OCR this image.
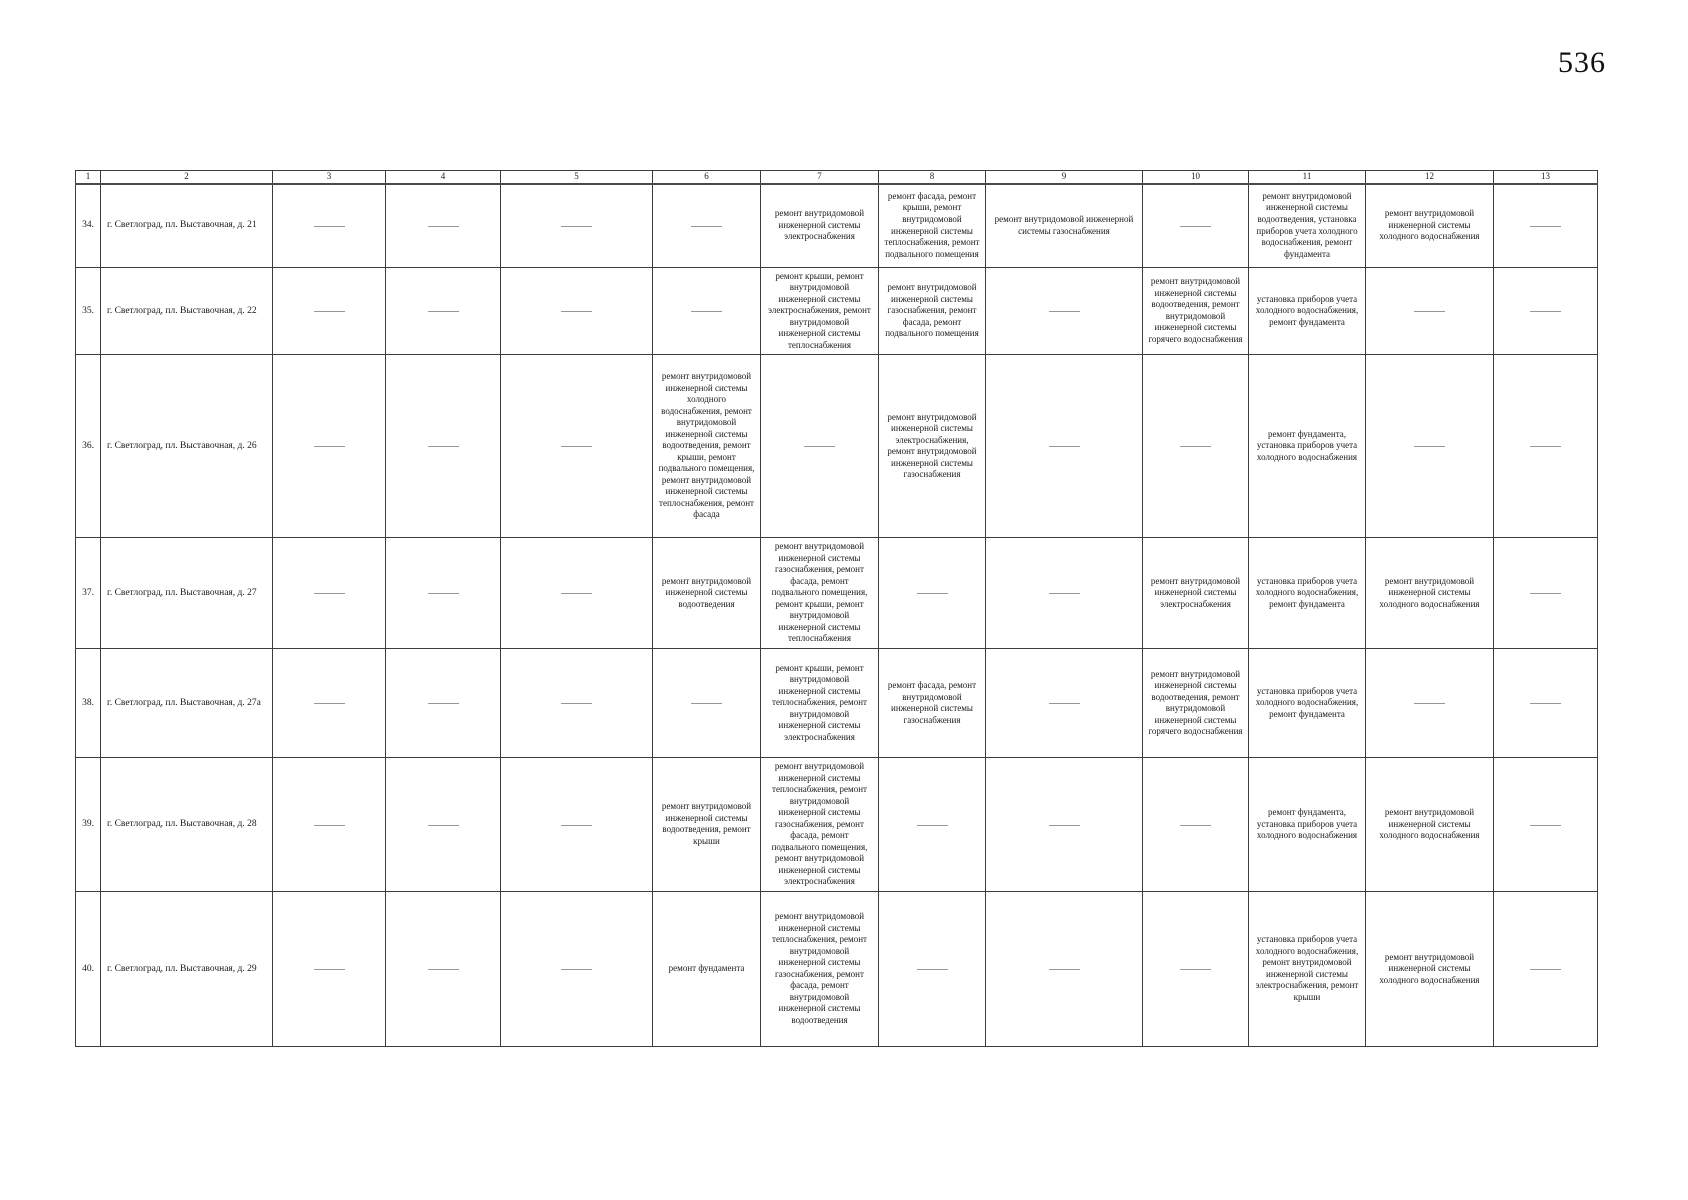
536
1	2	3	4	5	6	7	8	9	10	11	12	13
34.	г. Светлоград, пл. Выставочная, д. 21	—	—	—	—	ремонт внутридомовой инженерной системы электроснабжения	ремонт фасада, ремонт крыши, ремонт внутридомовой инженерной системы теплоснабжения, ремонт подвального помещения	ремонт внутридомовой инженерной системы газоснабжения	—	ремонт внутридомовой инженерной системы водоотведения, установка приборов учета холодного водоснабжения, ремонт фундамента	ремонт внутридомовой инженерной системы холодного водоснабжения	—
35.	г. Светлоград, пл. Выставочная, д. 22	—	—	—	—	ремонт крыши, ремонт внутридомовой инженерной системы электроснабжения, ремонт внутридомовой инженерной системы теплоснабжения	ремонт внутридомовой инженерной системы газоснабжения, ремонт фасада, ремонт подвального помещения	—	ремонт внутридомовой инженерной системы водоотведения, ремонт внутридомовой инженерной системы горячего водоснабжения	установка приборов учета холодного водоснабжения, ремонт фундамента	—	—
36.	г. Светлоград, пл. Выставочная, д. 26	—	—	—	ремонт внутридомовой инженерной системы холодного водоснабжения, ремонт внутридомовой инженерной системы водоотведения, ремонт крыши, ремонт подвального помещения, ремонт внутридомовой инженерной системы теплоснабжения, ремонт фасада	—	ремонт внутридомовой инженерной системы электроснабжения, ремонт внутридомовой инженерной системы газоснабжения	—	—	ремонт фундамента, установка приборов учета холодного водоснабжения	—	—
37.	г. Светлоград, пл. Выставочная, д. 27	—	—	—	ремонт внутридомовой инженерной системы водоотведения	ремонт внутридомовой инженерной системы газоснабжения, ремонт фасада, ремонт подвального помещения, ремонт крыши, ремонт внутридомовой инженерной системы теплоснабжения	—	—	ремонт внутридомовой инженерной системы электроснабжения	установка приборов учета холодного водоснабжения, ремонт фундамента	ремонт внутридомовой инженерной системы холодного водоснабжения	—
38.	г. Светлоград, пл. Выставочная, д. 27а	—	—	—	—	ремонт крыши, ремонт внутридомовой инженерной системы теплоснабжения, ремонт внутридомовой инженерной системы электроснабжения	ремонт фасада, ремонт внутридомовой инженерной системы газоснабжения	—	ремонт внутридомовой инженерной системы водоотведения, ремонт внутридомовой инженерной системы горячего водоснабжения	установка приборов учета холодного водоснабжения, ремонт фундамента	—	—
39.	г. Светлоград, пл. Выставочная, д. 28	—	—	—	ремонт внутридомовой инженерной системы водоотведения, ремонт крыши	ремонт внутридомовой инженерной системы теплоснабжения, ремонт внутридомовой инженерной системы газоснабжения, ремонт фасада, ремонт подвального помещения, ремонт внутридомовой инженерной системы электроснабжения	—	—	—	ремонт фундамента, установка приборов учета холодного водоснабжения	ремонт внутридомовой инженерной системы холодного водоснабжения	—
40.	г. Светлоград, пл. Выставочная, д. 29	—	—	—	ремонт фундамента	ремонт внутридомовой инженерной системы теплоснабжения, ремонт внутридомовой инженерной системы газоснабжения, ремонт фасада, ремонт внутридомовой инженерной системы водоотведения	—	—	—	установка приборов учета холодного водоснабжения, ремонт внутридомовой инженерной системы электроснабжения, ремонт крыши	ремонт внутридомовой инженерной системы холодного водоснабжения	—
